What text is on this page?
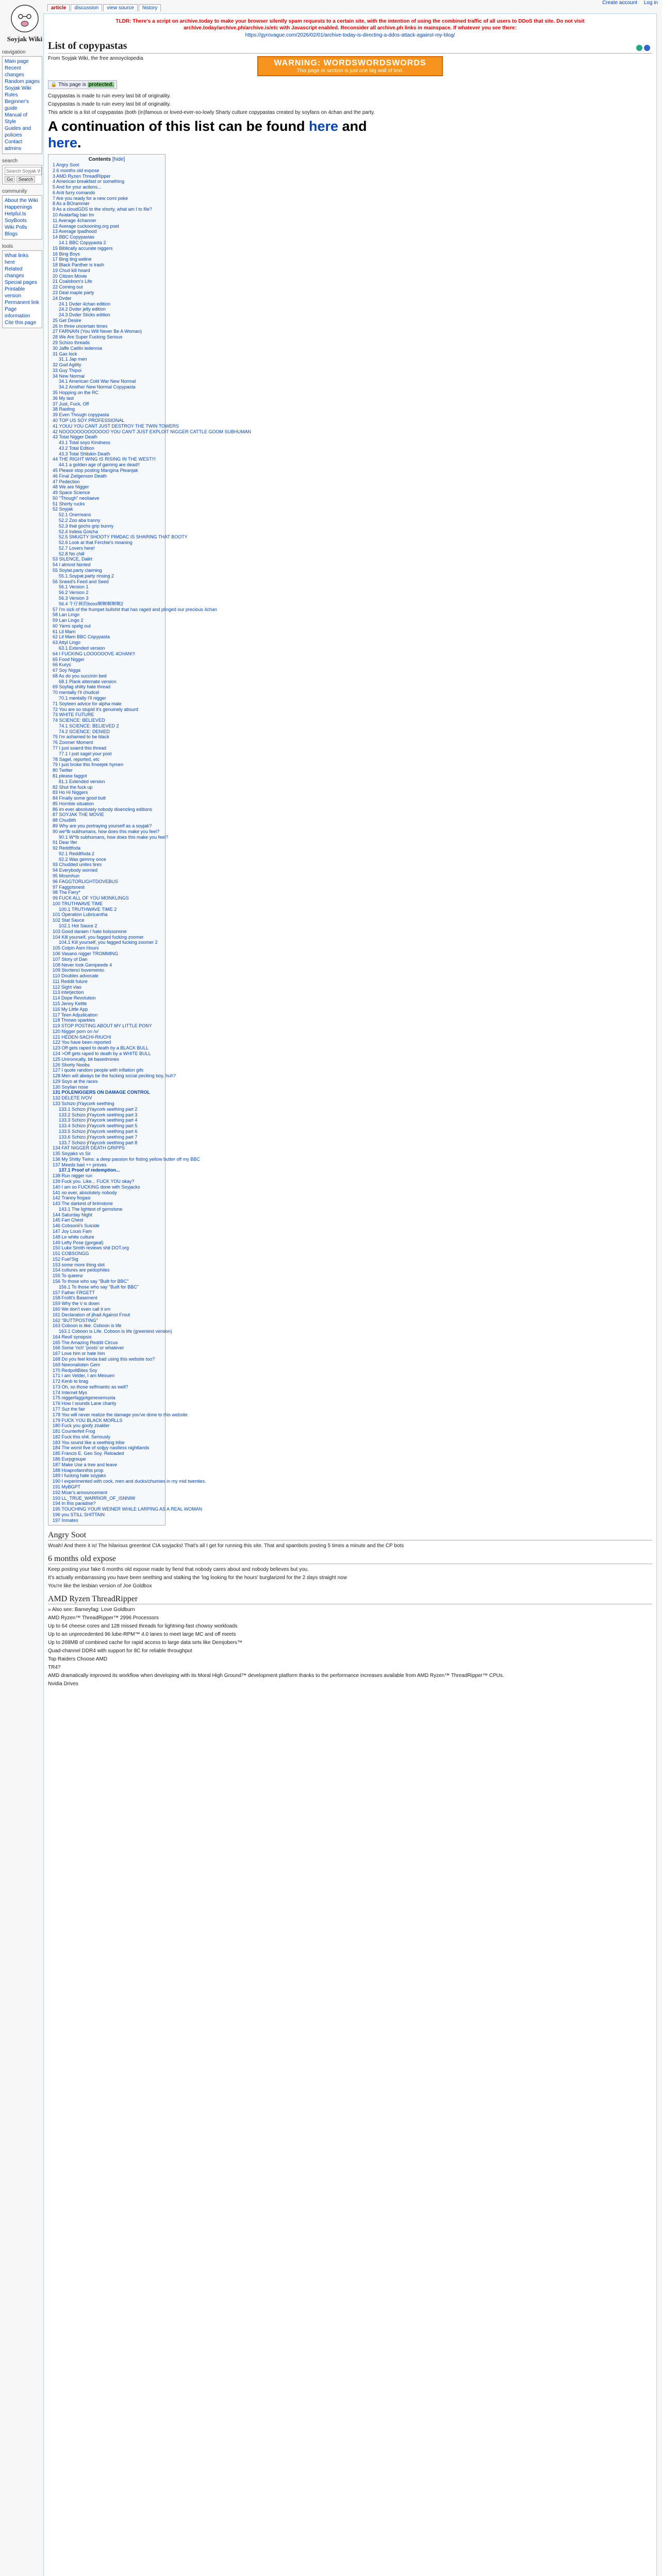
Soyjak Wiki
Create account Log in
article	discussion	view source	history
navigation
Main page
Recent changes
Random pages
Soyjak Wiki Rules
Beginner's guide
Manual of Style
Guides and policies
Contact admins
search
Search Soyjak Wiki Go Search
community
About the Wiki
Happenings
Helpful.ts
SoyBoots
Wiki Polls
Blogs
tools
What links here
Related changes
Special pages
Printable version
Permanent link
Page information
Cite this page
TLDR: There's a script on archive.today to make your browser silently spam requests to a certain site, with the intention of using the combined traffic of all users to DDoS that site. Do not visit archive.today/archive.ph/archive.is/etc with Javascript enabled. Reconsider all archive.ph links in mainspace. If whatever you see there:
https://gyrovague.com/2026/02/01/archive-today-is-directing-a-ddos-attack-against-my-blog/
List of copypastas
From Soyjak Wiki, the free annoyclopedia
WARNING: WORDSWORDSWORDS
This page or section is just one big wall of text.
🔒 This page is protected.

Copypastas is made to ruin every last bit of originality.

Copypastas is made to ruin every last bit of originality.

This article is a list of copypastas (both (in)famous or loved-ever-so-lowly Sharty culture copypastas created by soyfans on 4chan and the party.

A continuation of this list can be found here and
here.
Contents [hide]
1 Angry Soot
2 6 months old expose
3 AMD Ryzen ThreadRipper
4 American breakfast or something
5 And for your actions...
6 Anti furry comando
7 Are you ready for a new comi poke
8 As a BOrammer
9 As a cloudGDS to the shorty, what am I to file?
10 Avatarfag ban tm
11 Average 4channer
12 Average cuckooning.org poet
13 Average Ipadhood
14 BBC Copypastas
14.1 BBC Copypasta 2
15 Biblically accurate niggers
16 Bing Boys
17 Bing ting weline
18 Black Panther is trash
19 Chud kill hoard
20 Citizen Movie
21 Coalsborn's Life
22 Coming out
23 Deal maple party
24 Dvder
24.1 Dvder 4chan edition
24.2 Dvder jelly edition
24.3 Dvder Sticks edition
25 Get Desire
26 In three uncertain times
27 FARNAIN (You Will Never Be A Woman)
28 We Are Super Fucking Serious
29 Schizo threads
30 Jaffe Caitlin ledennia
31 Gas lock
31.1 Jap men
32 Gud Agility
33 Guy Thipoi
34 New Normal
34.1 American Cold War New Normal
34.2 Another New Normal Copypasta
35 Hopping on the RC
36 My last
37 Just, Fuck, Off
38 Raiding
39 Even Though copypasta
40 TOP US SOY PROFESSIONAL
41 YOUU YOU CANT JUST DESTROY THE TWIN TOWERS
42 NOOOOOOOOOOOOO YOU CAN'T JUST EXPLOIT NIGGER CATTLE GOOM SUBHUMAN
43 Total Nigger Death
43.1 Total soyo Kindness
43.2 Total Edition
43.3 Total Shitskin Death
44 THE RIGHT WING IS RISING IN THE WEST!!!
44.1 a golden age of gaming are dead!!
45 Please stop posting Mangina Pteanjak
46 Final Zielgenson Death
47 Pedection
48 We are Nigger
49 Space Science
50 "Though" neoliaeve
51 Shorty rucks
52 Soyjak
52.1 Onerreans
52.2 Zoo aba tranny
52.3 that gochs grip bunny
52.4 Indeia Gotcha
52.5 SMUGTY SHOOTY PIMDAC IS SHARING THAT BOOTY
52.6 Look at that Ferchie's moaning
52.7 Lovers here!
52.8 No chill
53 SILENCE, Dalirt
54 I almost fainted
55 Soylat.party claiming
55.1 Soypat.party rinsing 2
56 Sneed's Feed and Seed
56.1 Version 1
56.2 Version 2
56.3 Version 3
56.4 牛仔裤的boss啊啊啊啊啊2
57 I'm sick of the frumpet bullshit that has raged and plinged our precious 4chan
58 Lan Lingo
59 Lan Lingo 2
60 Yams spelg out
61 Lil Marn
62 Lil Marn BBC Copypasta
63 Attyl Lingo
63.1 Extended version
64 I FUCKING LOOOOOOVE 4CHAN!!!
65 Food Nigger
66 Kurys
67 Soy Nigga
68 As do you succinin bed
68.1 Plank alternate version
69 Soyfag shitty hate thread
70 mentally I'll chudcel
70.1 mentally I'll nigger
71 Soyteen advice for alpha male
72 You are so stupid it's genuinely absurd
73 WHITE FUTURE
74 SCIENCE: BELIEVED
74.1 SCIENCE: BELIEVED 2
74.2 SCIENCE: DENIED
75 I'm ashamed to be black
76 Zoomer Moment
77 I just soarrd this thread
77.1 I just sagel your post
78 Sagel, reported, etc
79 I just broke this frneejek hymen
80 Twitter
81 please faggot
81.1 Extended version
82 Shut the fuck up
83 Ho Hi Niggers
84 Finally some good butt
85 Horrible situation
86 im ever absolutely nobody disencling editions
87 SOYJAK THE MOVIE
88 Chudlith
89 Why are you portraying yourself as a soyjak?
90 we*lb subhumans, how does this make you feel?
90.1 W*Ib subhumans, how does this make you feel?
91 Dear Ifer
92 Reddtfoda
92.1 Reddtfoda 2
92.2 Was gemmy once
93 Chudded unites tires
94 Everybody worried
95 Mosmhun
96 FAGGTORLIGHTDOVEBUS
97 Faggotsnest
98 The Fiery*
99 FUCK ALL OF YOU MONKLINGS
100 TRUTHWAVE TIME
100.1 TRUTHWAVE TIME 2
101 Operation Lubricantha
102 Stat Sauce
102.1 Hot Sauce 2
103 Good daraen I hate boissonone
104 Kill yourself, you fagged fucking zoomer
104.1 Kill yourself, you fagged fucking zoomer 2
105 Colpin Asm Hours
106 Vasano nigger TROMMING
107 Story of Dan
108 Never look Gempeede 4
109 Stortenci buvemento
110 Doubles advocate
111 Reddit future
112 Sight vlas
113 interjection
114 Dope Revolution
115 Jenny Kettle
116 My Little App
117 Teen Adjudication
118 Throws sparkles
119 STOP POSTING ABOUT MY LITTLE PONY
120 Nigger porn on /v/
121 HEDEN-SACHI-RIUCHI
122 You have been reported
123 Off gets raped to death by a BLACK BULL
124 >Off gets raped to death by a WHITE BULL
125 Unironically, bit basedmines
126 Shorty Noobs
127 I quote random people with inflation gifs
128 Men will always be the fucking social pecking boy, huh?
129 Soyo at the races
130 Soylian nose
131 POLENIGGERS ON DAMAGE CONTROL
132 DELETE IVOV
133 Schizo jlYaycork seething
133.1 Schizo jlYaycork seething part 2
133.2 Schizo jlYaycork seething part 3
133.3 Schizo jlYaycork seething part 4
133.4 Schizo jlYaycork seething part 5
133.5 Schizo jlYaycork seething part 6
133.6 Schizo jlYaycork seething part 7
133.7 Schizo jlYaycork seething part 8
134 FAT NIGGER DEATH GRIPPS
135 Soyjaks vs Sir
136 My Shitty Twins: a deep passion for fisting yellow butter off my BBC
137 Meeds bad ++ proves
137.1 Proof of redemption...
138 Run nigger run
139 Fuck you. Like... FUCK YOU okay?
140 I am so FUCKING done with Soyjacks
141 no ever, absolutely nobody
142 Tranny fiogasi
143 The darkest of brimstone
143.1 The lightest of gemstone
144 Saturday Night
145 Fart Chest
146 Cobsonii's Suicide
147 Joy Louis Fam
148 Le white culture
149 Lefty Pose (gorgeal)
150 Luke Smith reviews shit DOT.org
151 COBSONGG
152 Fuel'Sig
153 some more thing slot
154 cultures are pedophiles
155 To queenz
156 To those who say "Built for BBC"
156.1 To those who say "Built for BBC"
157 Father FRGETT
158 Frollt's Basement
159 Why the \/ is down
160 We don't even call it xm
161 Declaration of jihad Against Frout
162 "BUTTPOSTING"
163 Coboon is like. Coboon is life
163.1 Coboon is Life. Coboon is life (greentext version)
164 Reoll synopsis
165 The Amazing Reddit Circus
166 Some 'rich' 'posts' or whatever
167 Love him or hate him
168 Do you feel kinda bad using this website too?
169 Neeonalisten Gem
170 RedpoltBites Soy
171 I am Velder, I am Meouen
172 Kenb to brag
173 Oh, so those selfmantic as well?
174 Internet Mys
175 niggerfaggotgenesemusta
176 How I sounds Lane charity
177 Suz the fair
178 You will never realize the damage you've done to this website
179 FUCK YOU BLACK MORLLS
180 Fuck you goofy zoalder
181 Counterfeit Frog
182 Fuck this shit. Seriously
183 You sound like a seething tribe
184 The worst five of soljyy nastless nightlands
185 Francis E. Geo Soy. Reloaded
186 Eurpgroupe
187 Make Use a tree and leave
188 Hoaprofannihis prop
189 I fucking hate soyjaks
190 I experimented with cock, men and ducks/chumies in my mid twenties.
191 MyBGPT
192 Moar's announcement
193 LL_TRUE_WARRIOR_OF_ISNNIW
194 In this paradise?
195 TOUCHING YOUR WEINER WHILE LARPING AS A REAL WOMAN
196 you STILL SHITTAIN
197 Inmates
Angry Soot

Woah! And there it is! The hilarious greentext CIA soyjacks! That's all I get for running this site. That and spambots posting 5 times a minute and the CP bots

6 months old expose

Keep posting your fake 6 months old expose made by fiend that nobody cares about and nobody believes but you.

It's actually embarrassing you have been seething and stalking the 'log looking for the hours' burglarized for the 2 days straight now

You're like the lesbian version of Joe Goldbox

AMD Ryzen ThreadRipper

» Also see: Barneyfag: Love Goldburn

AMD Ryzen™ ThreadRipper™ 2996 Processors

Up to 64 cheese cores and 128 missed threads for lightning-fast chowsy workloads

Up to an unprecedented 96 lube-RPM™ 4.0 lanes to meet large MC and off meets

Up to 268MB of combined cache for rapid access to large data sets like Demjobers™

Quad-channel DDR4 with support for 8C for reliable throughput

Top Raiders Choose AMD

TR4?

AMD dramatically improved its workflow when developing with its Moral High Ground™ development platform thanks to the performance increases available from AMD Ryzen™ ThreadRipper™ CPUs.

Nvidia Drives
